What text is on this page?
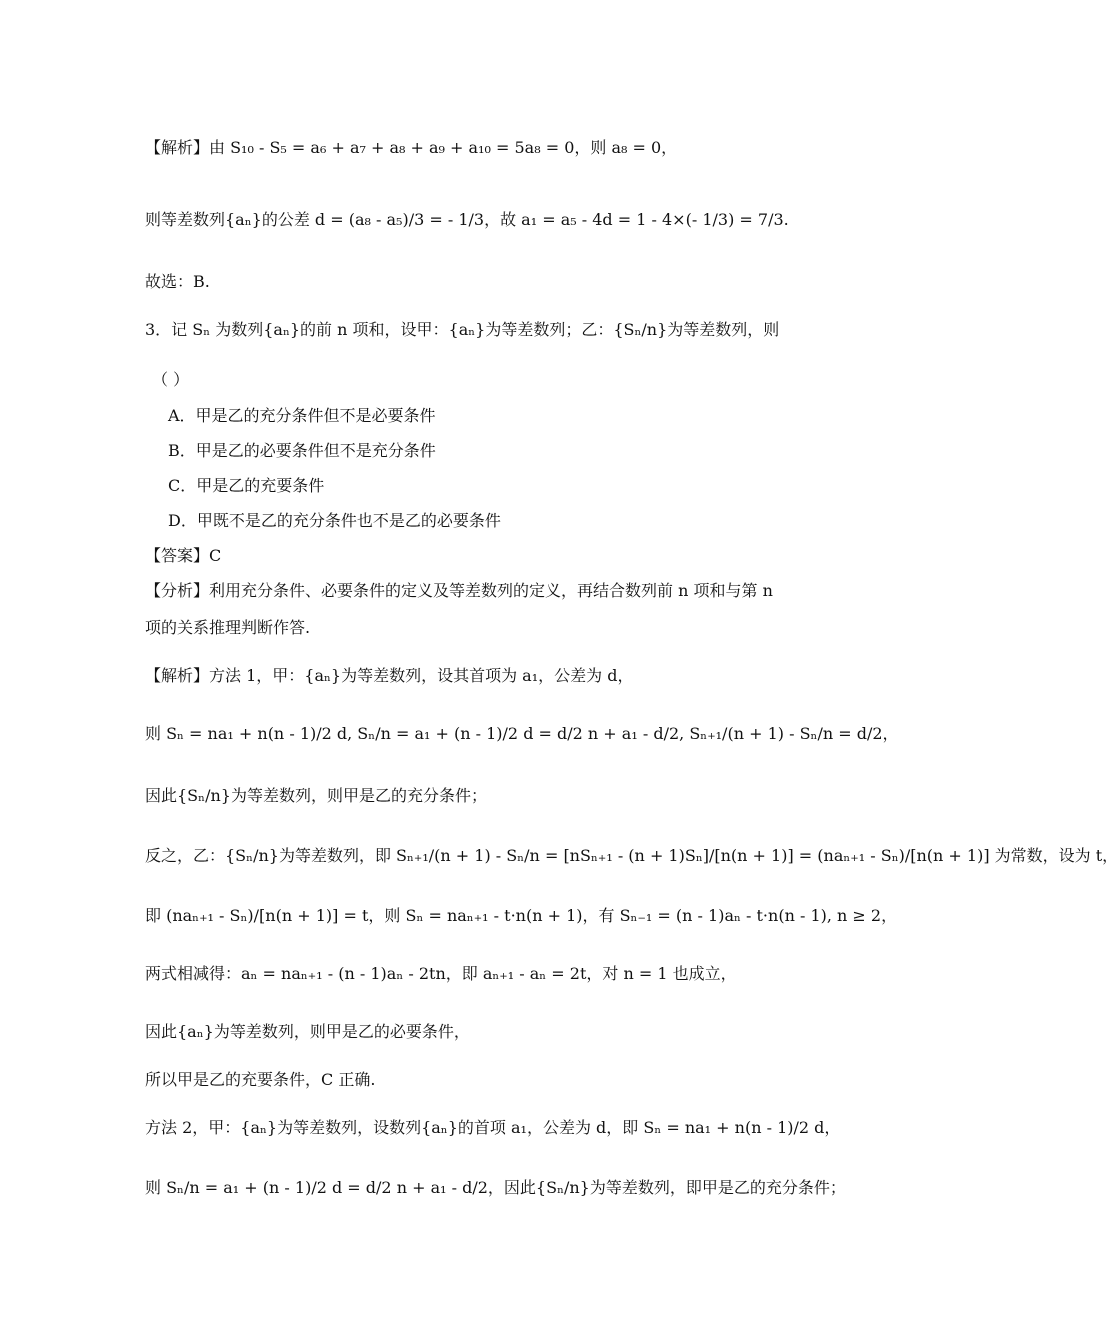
【解析】由 S₁₀ - S₅ = a₆ + a₇ + a₈ + a₉ + a₁₀ = 5a₈ = 0，则 a₈ = 0，
则等差数列{aₙ}的公差 d = (a₈ - a₅)/3 = - 1/3，故 a₁ = a₅ - 4d = 1 - 4×(- 1/3) = 7/3.
故选：B.
3．记 Sₙ 为数列{aₙ}的前 n 项和，设甲：{aₙ}为等差数列；乙：{Sₙ/n}为等差数列，则
（ ）
A．甲是乙的充分条件但不是必要条件
B．甲是乙的必要条件但不是充分条件
C．甲是乙的充要条件
D．甲既不是乙的充分条件也不是乙的必要条件
【答案】C
【分析】利用充分条件、必要条件的定义及等差数列的定义，再结合数列前 n 项和与第 n
项的关系推理判断作答.
【解析】方法 1，甲：{aₙ}为等差数列，设其首项为 a₁，公差为 d，
则 Sₙ = na₁ + n(n - 1)/2 d, Sₙ/n = a₁ + (n - 1)/2 d = d/2 n + a₁ - d/2, Sₙ₊₁/(n + 1) - Sₙ/n = d/2，
因此{Sₙ/n}为等差数列，则甲是乙的充分条件；
反之，乙：{Sₙ/n}为等差数列，即 Sₙ₊₁/(n + 1) - Sₙ/n = [nSₙ₊₁ - (n + 1)Sₙ]/[n(n + 1)] = (naₙ₊₁ - Sₙ)/[n(n + 1)] 为常数，设为 t，
即 (naₙ₊₁ - Sₙ)/[n(n + 1)] = t，则 Sₙ = naₙ₊₁ - t·n(n + 1)，有 Sₙ₋₁ = (n - 1)aₙ - t·n(n - 1), n ≥ 2，
两式相减得：aₙ = naₙ₊₁ - (n - 1)aₙ - 2tn，即 aₙ₊₁ - aₙ = 2t，对 n = 1 也成立，
因此{aₙ}为等差数列，则甲是乙的必要条件，
所以甲是乙的充要条件，C 正确.
方法 2，甲：{aₙ}为等差数列，设数列{aₙ}的首项 a₁，公差为 d，即 Sₙ = na₁ + n(n - 1)/2 d，
则 Sₙ/n = a₁ + (n - 1)/2 d = d/2 n + a₁ - d/2，因此{Sₙ/n}为等差数列，即甲是乙的充分条件；
